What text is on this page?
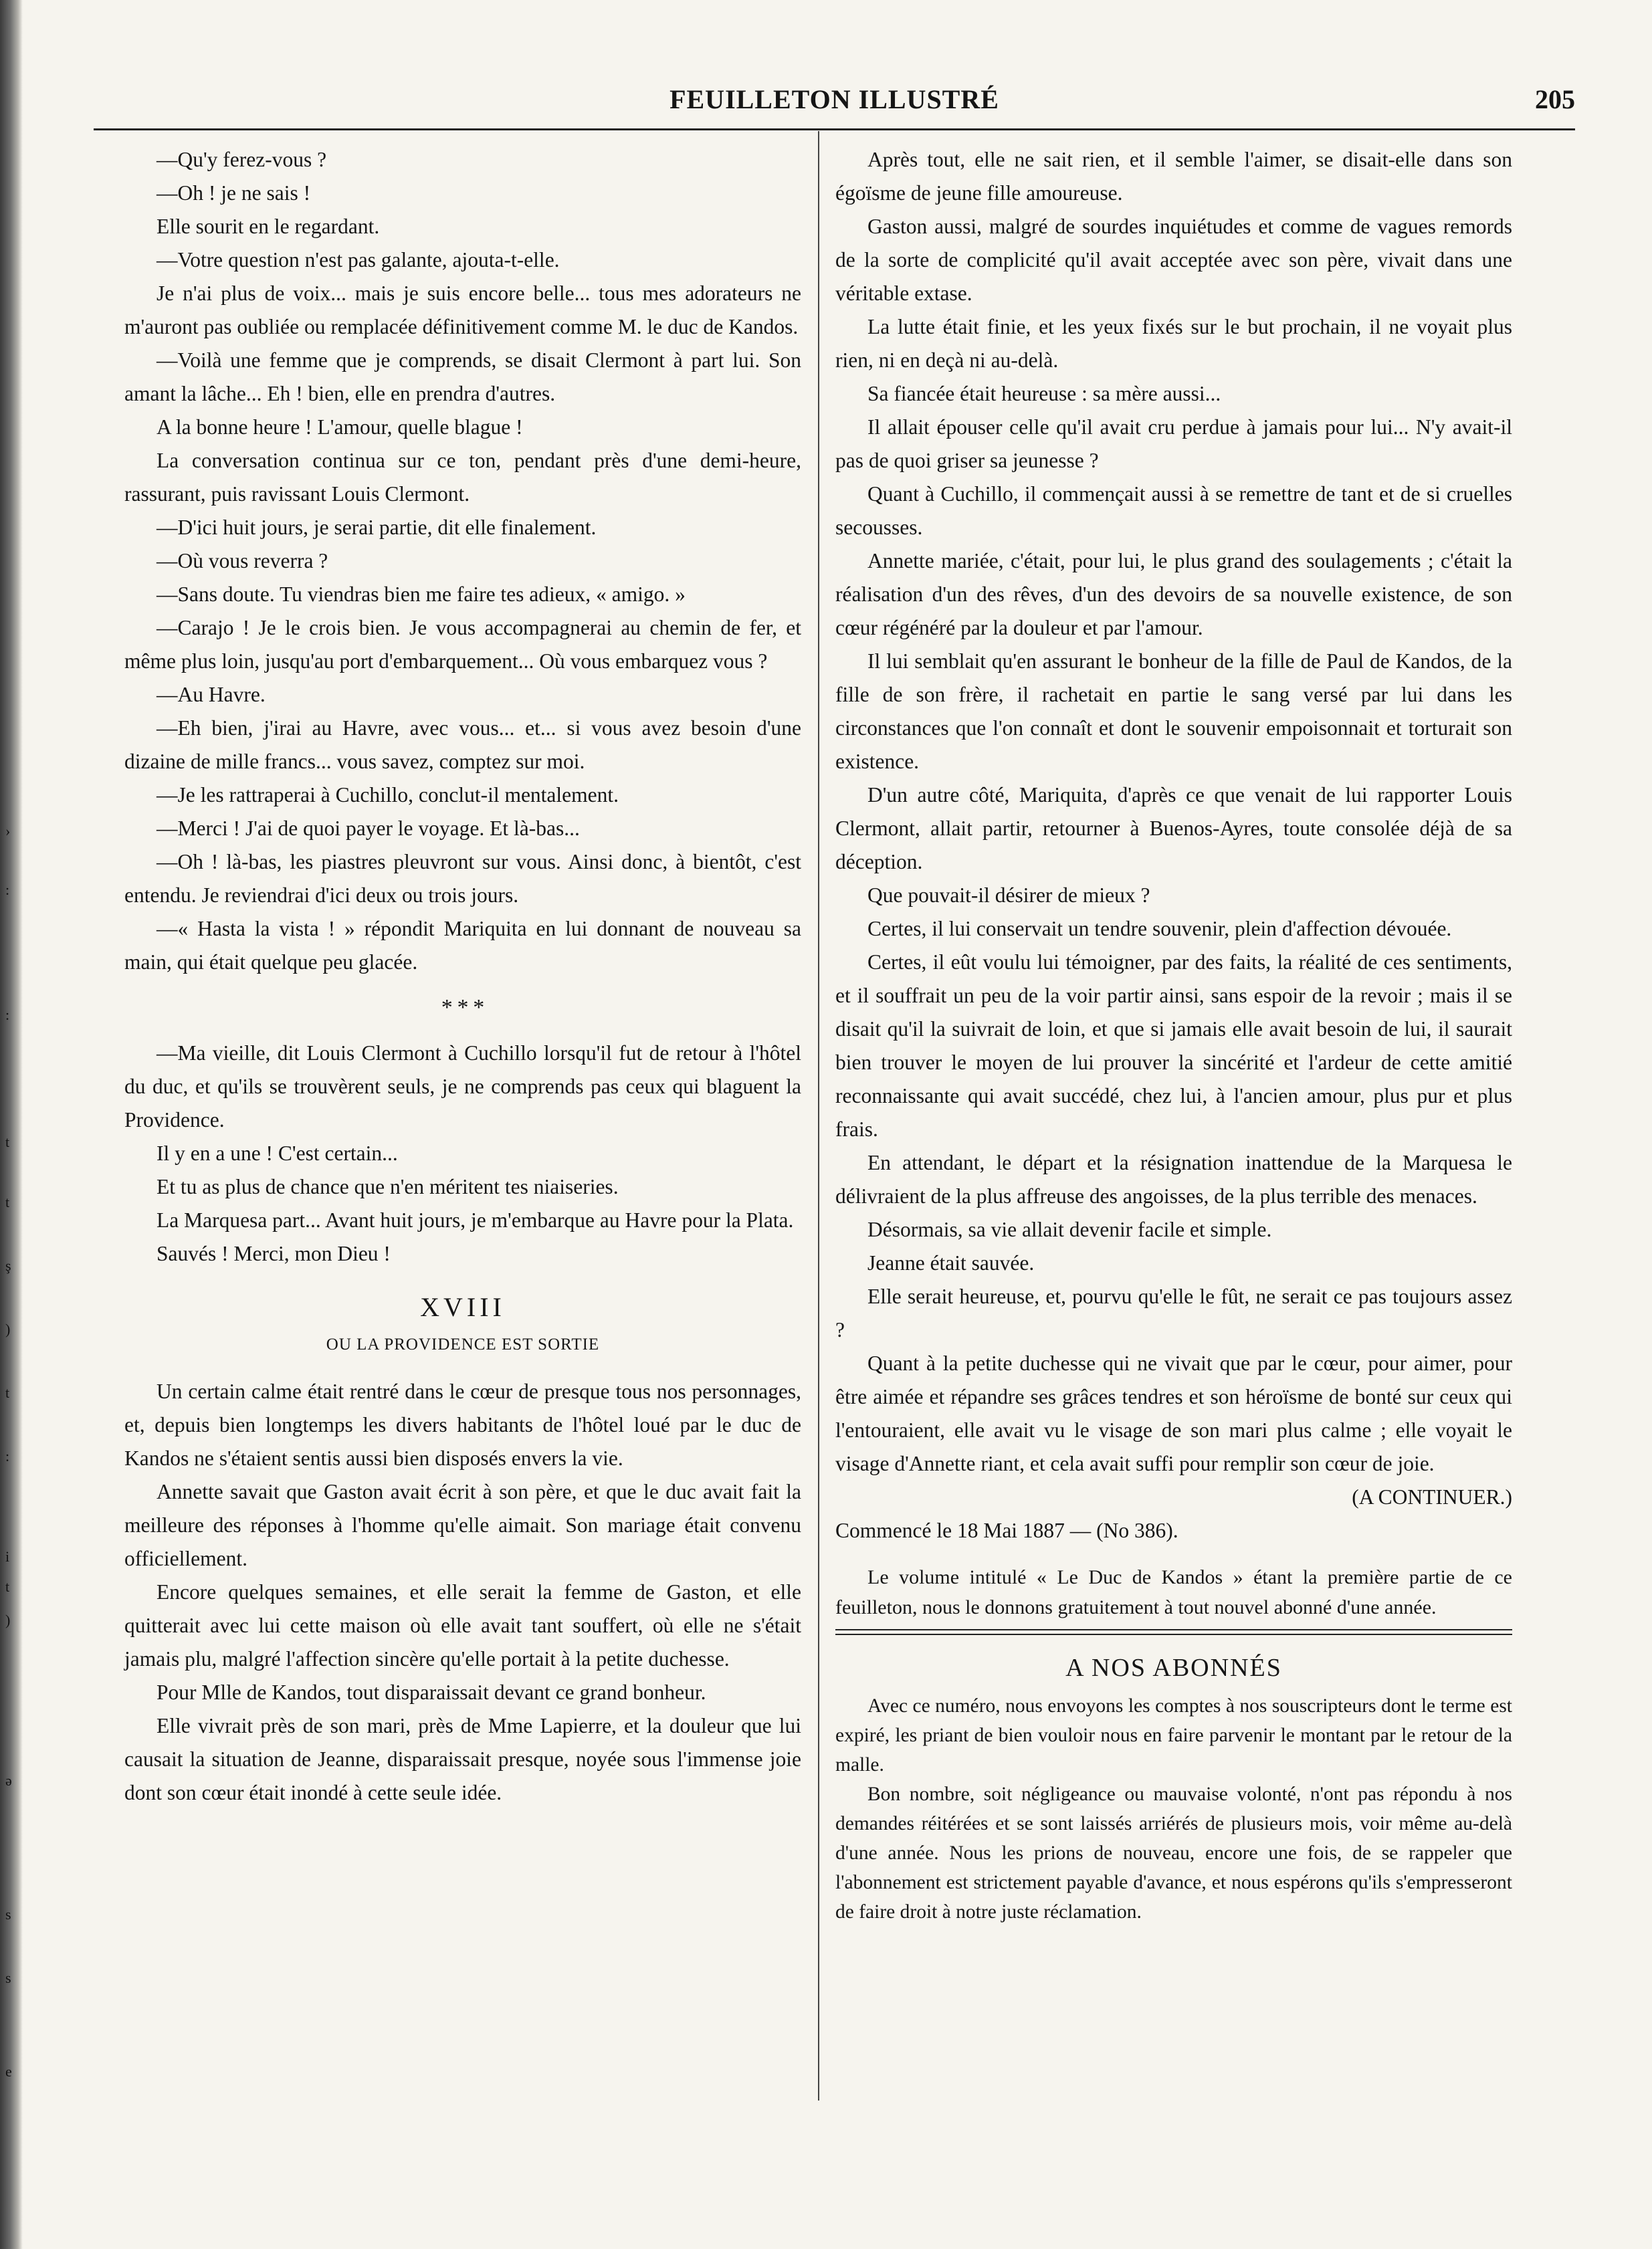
›
:
:
t
t
ş
)
t
:
i
t
)
ə
s
s
e
FEUILLETON ILLUSTRÉ	205

—Qu'y ferez-vous ?

—Oh ! je ne sais !

Elle sourit en le regardant.

—Votre question n'est pas galante, ajouta-t-elle.

Je n'ai plus de voix... mais je suis encore belle... tous mes adorateurs ne m'auront pas oubliée ou remplacée définitivement comme M. le duc de Kandos.

—Voilà une femme que je comprends, se disait Clermont à part lui. Son amant la lâche... Eh ! bien, elle en prendra d'autres.

A la bonne heure ! L'amour, quelle blague !

La conversation continua sur ce ton, pendant près d'une demi-heure, rassurant, puis ravissant Louis Clermont.

—D'ici huit jours, je serai partie, dit elle finalement.

—Où vous reverra ?

—Sans doute. Tu viendras bien me faire tes adieux, « amigo. »

—Carajo ! Je le crois bien. Je vous accompagnerai au chemin de fer, et même plus loin, jusqu'au port d'embarquement... Où vous embarquez vous ?

—Au Havre.

—Eh bien, j'irai au Havre, avec vous... et... si vous avez besoin d'une dizaine de mille francs... vous savez, comptez sur moi.

—Je les rattraperai à Cuchillo, conclut-il mentalement.

—Merci ! J'ai de quoi payer le voyage. Et là-bas...

—Oh ! là-bas, les piastres pleuvront sur vous. Ainsi donc, à bientôt, c'est entendu. Je reviendrai d'ici deux ou trois jours.

—« Hasta la vista ! » répondit Mariquita en lui donnant de nouveau sa main, qui était quelque peu glacée.

* * *

—Ma vieille, dit Louis Clermont à Cuchillo lorsqu'il fut de retour à l'hôtel du duc, et qu'ils se trouvèrent seuls, je ne comprends pas ceux qui blaguent la Providence.

Il y en a une ! C'est certain...

Et tu as plus de chance que n'en méritent tes niaiseries.

La Marquesa part... Avant huit jours, je m'embarque au Havre pour la Plata.

Sauvés ! Merci, mon Dieu !

XVIII
OU LA PROVIDENCE EST SORTIE

Un certain calme était rentré dans le cœur de presque tous nos personnages, et, depuis bien longtemps les divers habitants de l'hôtel loué par le duc de Kandos ne s'étaient sentis aussi bien disposés envers la vie.

Annette savait que Gaston avait écrit à son père, et que le duc avait fait la meilleure des réponses à l'homme qu'elle aimait. Son mariage était convenu officiellement.

Encore quelques semaines, et elle serait la femme de Gaston, et elle quitterait avec lui cette maison où elle avait tant souffert, où elle ne s'était jamais plu, malgré l'affection sincère qu'elle portait à la petite duchesse.

Pour Mlle de Kandos, tout disparaissait devant ce grand bonheur.

Elle vivrait près de son mari, près de Mme Lapierre, et la douleur que lui causait la situation de Jeanne, disparaissait presque, noyée sous l'immense joie dont son cœur était inondé à cette seule idée.

Après tout, elle ne sait rien, et il semble l'aimer, se disait-elle dans son égoïsme de jeune fille amoureuse.

Gaston aussi, malgré de sourdes inquiétudes et comme de vagues remords de la sorte de complicité qu'il avait acceptée avec son père, vivait dans une véritable extase.

La lutte était finie, et les yeux fixés sur le but prochain, il ne voyait plus rien, ni en deçà ni au-delà.

Sa fiancée était heureuse : sa mère aussi...

Il allait épouser celle qu'il avait cru perdue à jamais pour lui... N'y avait-il pas de quoi griser sa jeunesse ?

Quant à Cuchillo, il commençait aussi à se remettre de tant et de si cruelles secousses.

Annette mariée, c'était, pour lui, le plus grand des soulagements ; c'était la réalisation d'un des rêves, d'un des devoirs de sa nouvelle existence, de son cœur régénéré par la douleur et par l'amour.

Il lui semblait qu'en assurant le bonheur de la fille de Paul de Kandos, de la fille de son frère, il rachetait en partie le sang versé par lui dans les circonstances que l'on connaît et dont le souvenir empoisonnait et torturait son existence.

D'un autre côté, Mariquita, d'après ce que venait de lui rapporter Louis Clermont, allait partir, retourner à Buenos-Ayres, toute consolée déjà de sa déception.

Que pouvait-il désirer de mieux ?

Certes, il lui conservait un tendre souvenir, plein d'affection dévouée.

Certes, il eût voulu lui témoigner, par des faits, la réalité de ces sentiments, et il souffrait un peu de la voir partir ainsi, sans espoir de la revoir ; mais il se disait qu'il la suivrait de loin, et que si jamais elle avait besoin de lui, il saurait bien trouver le moyen de lui prouver la sincérité et l'ardeur de cette amitié reconnaissante qui avait succédé, chez lui, à l'ancien amour, plus pur et plus frais.

En attendant, le départ et la résignation inattendue de la Marquesa le délivraient de la plus affreuse des angoisses, de la plus terrible des menaces.

Désormais, sa vie allait devenir facile et simple.

Jeanne était sauvée.

Elle serait heureuse, et, pourvu qu'elle le fût, ne serait ce pas toujours assez ?

Quant à la petite duchesse qui ne vivait que par le cœur, pour aimer, pour être aimée et répandre ses grâces tendres et son héroïsme de bonté sur ceux qui l'entouraient, elle avait vu le visage de son mari plus calme ; elle voyait le visage d'Annette riant, et cela avait suffi pour remplir son cœur de joie.

(A CONTINUER.)

Commencé le 18 Mai 1887 — (No 386).

Le volume intitulé « Le Duc de Kandos » étant la première partie de ce feuilleton, nous le donnons gratuitement à tout nouvel abonné d'une année.

A NOS ABONNÉS

Avec ce numéro, nous envoyons les comptes à nos souscripteurs dont le terme est expiré, les priant de bien vouloir nous en faire parvenir le montant par le retour de la malle.

Bon nombre, soit négligeance ou mauvaise volonté, n'ont pas répondu à nos demandes réitérées et se sont laissés arriérés de plusieurs mois, voir même au-delà d'une année. Nous les prions de nouveau, encore une fois, de se rappeler que l'abonnement est strictement payable d'avance, et nous espérons qu'ils s'empresseront de faire droit à notre juste réclamation.
